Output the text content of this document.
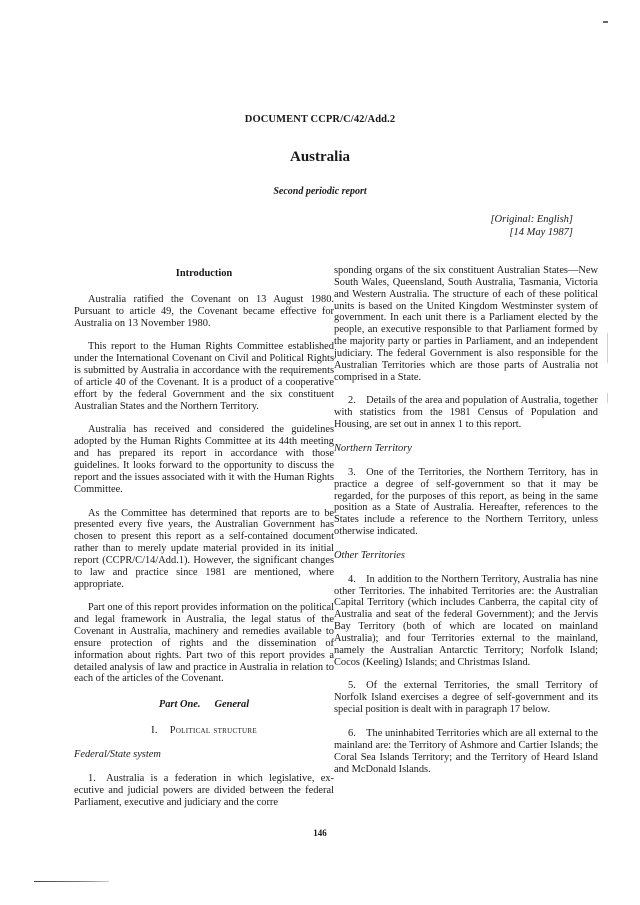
DOCUMENT CCPR/C/42/Add.2
Australia
Second periodic report
[Original: English]
[14 May 1987]
Introduction

Australia ratified the Covenant on 13 August 1980. Pursuant to article 49, the Covenant became effective for Australia on 13 November 1980.

This report to the Human Rights Committee established under the International Covenant on Civil and Political Rights is submitted by Australia in accordance with the requirements of article 40 of the Covenant. It is a product of a cooperative effort by the federal Government and the six constituent Australian States and the Northern Territory.

Australia has received and considered the guidelines adopted by the Human Rights Committee at its 44th meeting and has prepared its report in accordance with those guidelines. It looks forward to the opportunity to discuss the report and the issues associated with it with the Human Rights Committee.

As the Committee has determined that reports are to be presented every five years, the Australian Government has chosen to present this report as a self-contained document rather than to merely update material provided in its initial report (CCPR/C/14/Add.1). However, the significant changes to law and practice since 1981 are mentioned, where appropriate.

Part one of this report provides information on the political and legal framework in Australia, the legal status of the Covenant in Australia, machinery and remedies available to ensure protection of rights and the dissemination of information about rights. Part two of this report provides a detailed analysis of law and practice in Australia in relation to each of the articles of the Covenant.

Part One. General
I. Political structure
Federal/State system

1. Australia is a federation in which legislative, executive and judicial powers are divided between the federal Parliament, executive and judiciary and the corre

sponding organs of the six constituent Australian States—New South Wales, Queensland, South Australia, Tasmania, Victoria and Western Australia. The structure of each of these political units is based on the United Kingdom Westminster system of government. In each unit there is a Parliament elected by the people, an executive responsible to that Parliament formed by the majority party or parties in Parliament, and an independent judiciary. The federal Government is also responsible for the Australian Territories which are those parts of Australia not comprised in a State.

2. Details of the area and population of Australia, together with statistics from the 1981 Census of Population and Housing, are set out in annex 1 to this report.

Northern Territory

3. One of the Territories, the Northern Territory, has in practice a degree of self-government so that it may be regarded, for the purposes of this report, as being in the same position as a State of Australia. Hereafter, references to the States include a reference to the Northern Territory, unless otherwise indicated.

Other Territories

4. In addition to the Northern Territory, Australia has nine other Territories. The inhabited Territories are: the Australian Capital Territory (which includes Canberra, the capital city of Australia and seat of the federal Government); and the Jervis Bay Territory (both of which are located on mainland Australia); and four Territories external to the mainland, namely the Australian Antarctic Territory; Norfolk Island; Cocos (Keeling) Islands; and Christmas Island.

5. Of the external Territories, the small Territory of Norfolk Island exercises a degree of self-government and its special position is dealt with in paragraph 17 below.

6. The uninhabited Territories which are all external to the mainland are: the Territory of Ashmore and Cartier Islands; the Coral Sea Islands Territory; and the Territory of Heard Island and McDonald Islands.

146
